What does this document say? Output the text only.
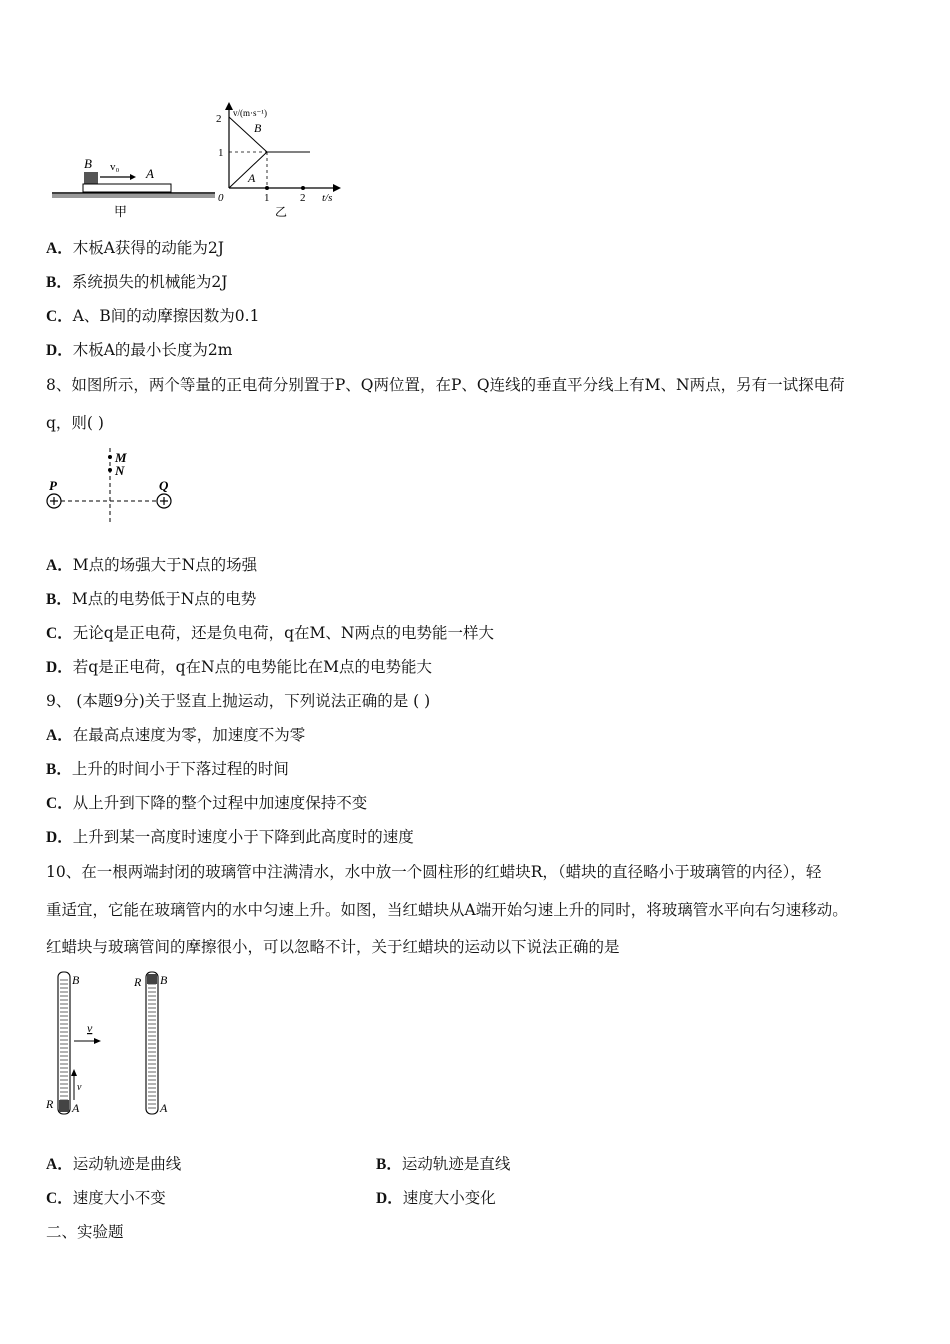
B v₀ A
甲
v/(m·s⁻¹)
2
1
0	1	2 t/s
B
A
乙
A．木板A获得的动能为2J
B．系统损失的机械能为2J
C．A、B间的动摩擦因数为0.1
D．木板A的最小长度为2m
8、如图所示，两个等量的正电荷分别置于P、Q两位置，在P、Q连线的垂直平分线上有M、N两点，另有一试探电荷
q，则( )
M
N
P	Q
A．M点的场强大于N点的场强
B．M点的电势低于N点的电势
C．无论q是正电荷，还是负电荷，q在M、N两点的电势能一样大
D．若q是正电荷，q在N点的电势能比在M点的电势能大
9、 (本题9分)关于竖直上抛运动，下列说法正确的是 ( )
A．在最高点速度为零，加速度不为零
B．上升的时间小于下落过程的时间
C．从上升到下降的整个过程中加速度保持不变
D．上升到某一高度时速度小于下降到此高度时的速度
10、在一根两端封闭的玻璃管中注满清水，水中放一个圆柱形的红蜡块R，（蜡块的直径略小于玻璃管的内径），轻
重适宜，它能在玻璃管内的水中匀速上升。如图，当红蜡块从A端开始匀速上升的同时，将玻璃管水平向右匀速移动。
红蜡块与玻璃管间的摩擦很小，可以忽略不计，关于红蜡块的运动以下说法正确的是
B
A
R
v
v
R B
A
A．运动轨迹是曲线	B．运动轨迹是直线
C．速度大小不变	D．速度大小变化
二、实验题
